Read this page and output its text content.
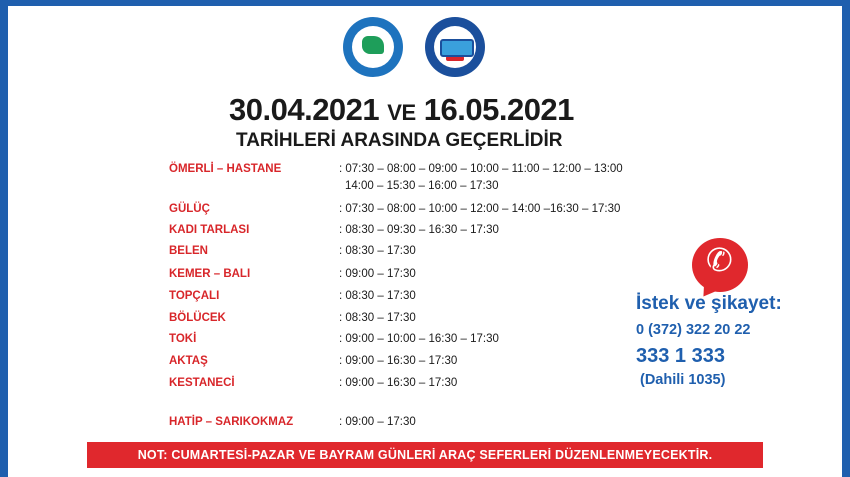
30.04.2021 VE 16.05.2021
TARİHLERİ ARASINDA GEÇERLİDİR
ÖMERLİ – HASTANE	: 07:30 – 08:00 – 09:00 – 10:00 – 11:00 – 12:00 – 13:00
14:00 – 15:30 – 16:00 – 17:30
GÜLÜÇ	: 07:30 – 08:00 – 10:00 – 12:00 – 14:00 –16:30 – 17:30
KADI TARLASI	: 08:30 – 09:30 – 16:30 – 17:30
BELEN	: 08:30 – 17:30
KEMER – BALI	: 09:00 – 17:30
TOPÇALI	: 08:30 – 17:30
BÖLÜCEK	: 08:30 – 17:30
TOKİ	: 09:00 – 10:00 – 16:30 – 17:30
AKTAŞ	: 09:00 – 16:30 – 17:30
KESTANECİ	: 09:00 – 16:30 – 17:30
HATİP – SARIKOKMAZ	: 09:00 – 17:30
✆
İstek ve şikayet:
0 (372) 322 20 22
333 1 333
(Dahili 1035)
NOT: CUMARTESİ-PAZAR VE BAYRAM GÜNLERİ ARAÇ SEFERLERİ DÜZENLENMEYECEKTİR.
